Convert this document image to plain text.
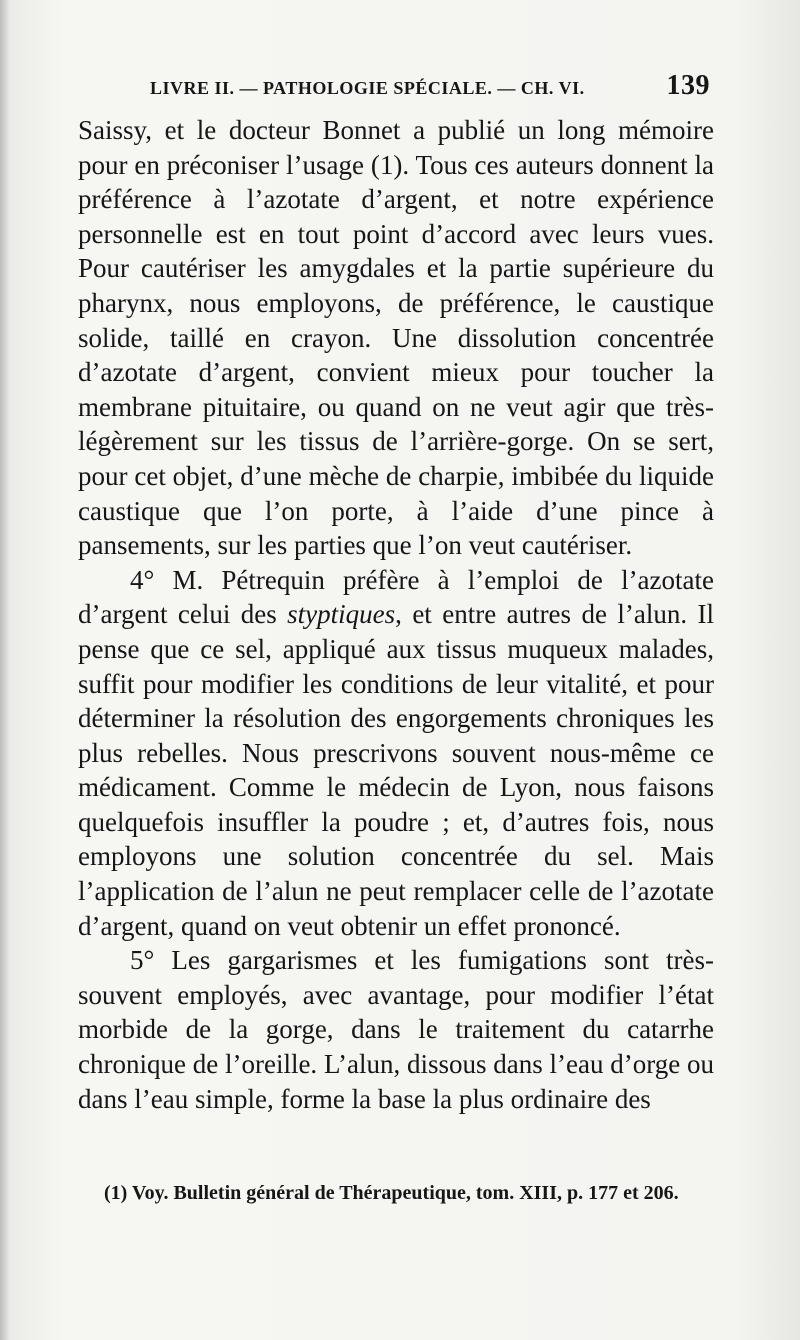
LIVRE II. — PATHOLOGIE SPÉCIALE. — CH. VI.	139

Saissy, et le docteur Bonnet a publié un long mémoire pour en préconiser l’usage (1). Tous ces auteurs donnent la préférence à l’azotate d’argent, et notre expérience personnelle est en tout point d’accord avec leurs vues. Pour cautériser les amygdales et la partie supérieure du pharynx, nous employons, de préférence, le caustique solide, taillé en crayon. Une dissolution concentrée d’azotate d’argent, convient mieux pour toucher la membrane pituitaire, ou quand on ne veut agir que très-légèrement sur les tissus de l’arrière-gorge. On se sert, pour cet objet, d’une mèche de charpie, imbibée du liquide caustique que l’on porte, à l’aide d’une pince à pansements, sur les parties que l’on veut cautériser.

4° M. Pétrequin préfère à l’emploi de l’azotate d’argent celui des styptiques, et entre autres de l’alun. Il pense que ce sel, appliqué aux tissus muqueux malades, suffit pour modifier les conditions de leur vitalité, et pour déterminer la résolution des engorgements chroniques les plus rebelles. Nous prescrivons souvent nous-même ce médicament. Comme le médecin de Lyon, nous faisons quelquefois insuffler la poudre ; et, d’autres fois, nous employons une solution concentrée du sel. Mais l’application de l’alun ne peut remplacer celle de l’azotate d’argent, quand on veut obtenir un effet prononcé.

5° Les gargarismes et les fumigations sont très-souvent employés, avec avantage, pour modifier l’état morbide de la gorge, dans le traitement du catarrhe chronique de l’oreille. L’alun, dissous dans l’eau d’orge ou dans l’eau simple, forme la base la plus ordinaire des

(1) Voy. Bulletin général de Thérapeutique, tom. XIII, p. 177 et 206.
